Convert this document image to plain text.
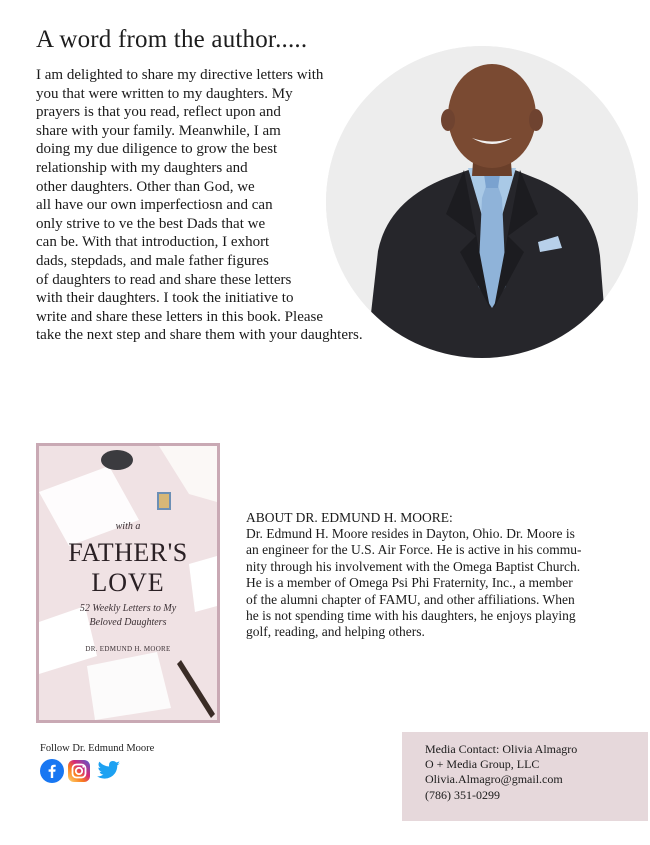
A word from the author.....

I am delighted to share my directive letters with
you that were written to my daughters. My
prayers is that you read, reflect upon and
share with your family. Meanwhile, I am
doing my due diligence to grow the best
relationship with my daughters and
other daughters. Other than God, we
all have our own imperfectiosn and can
only strive to ve the best Dads that we
can be. With that introduction, I exhort
dads, stepdads, and male father figures
of daughters to read and share these letters
with their daughters. I took the initiative to
write and share these letters in this book. Please
take the next step and share them with your daughters.

with a
FATHER'S
LOVE
52 Weekly Letters to My
Beloved Daughters
DR. EDMUND H. MOORE
ABOUT DR. EDMUND H. MOORE:

Dr. Edmund H. Moore resides in Dayton, Ohio. Dr. Moore is
an engineer for the U.S. Air Force. He is active in his commu-
nity through his involvement with the Omega Baptist Church.
He is a member of Omega Psi Phi Fraternity, Inc., a member
of the alumni chapter of FAMU, and other affiliations. When
he is not spending time with his daughters, he enjoys playing
golf, reading, and helping others.

Follow Dr. Edmund Moore	Media Contact: Olivia Almagro
O + Media Group, LLC
Olivia.Almagro@gmail.com
(786) 351-0299
